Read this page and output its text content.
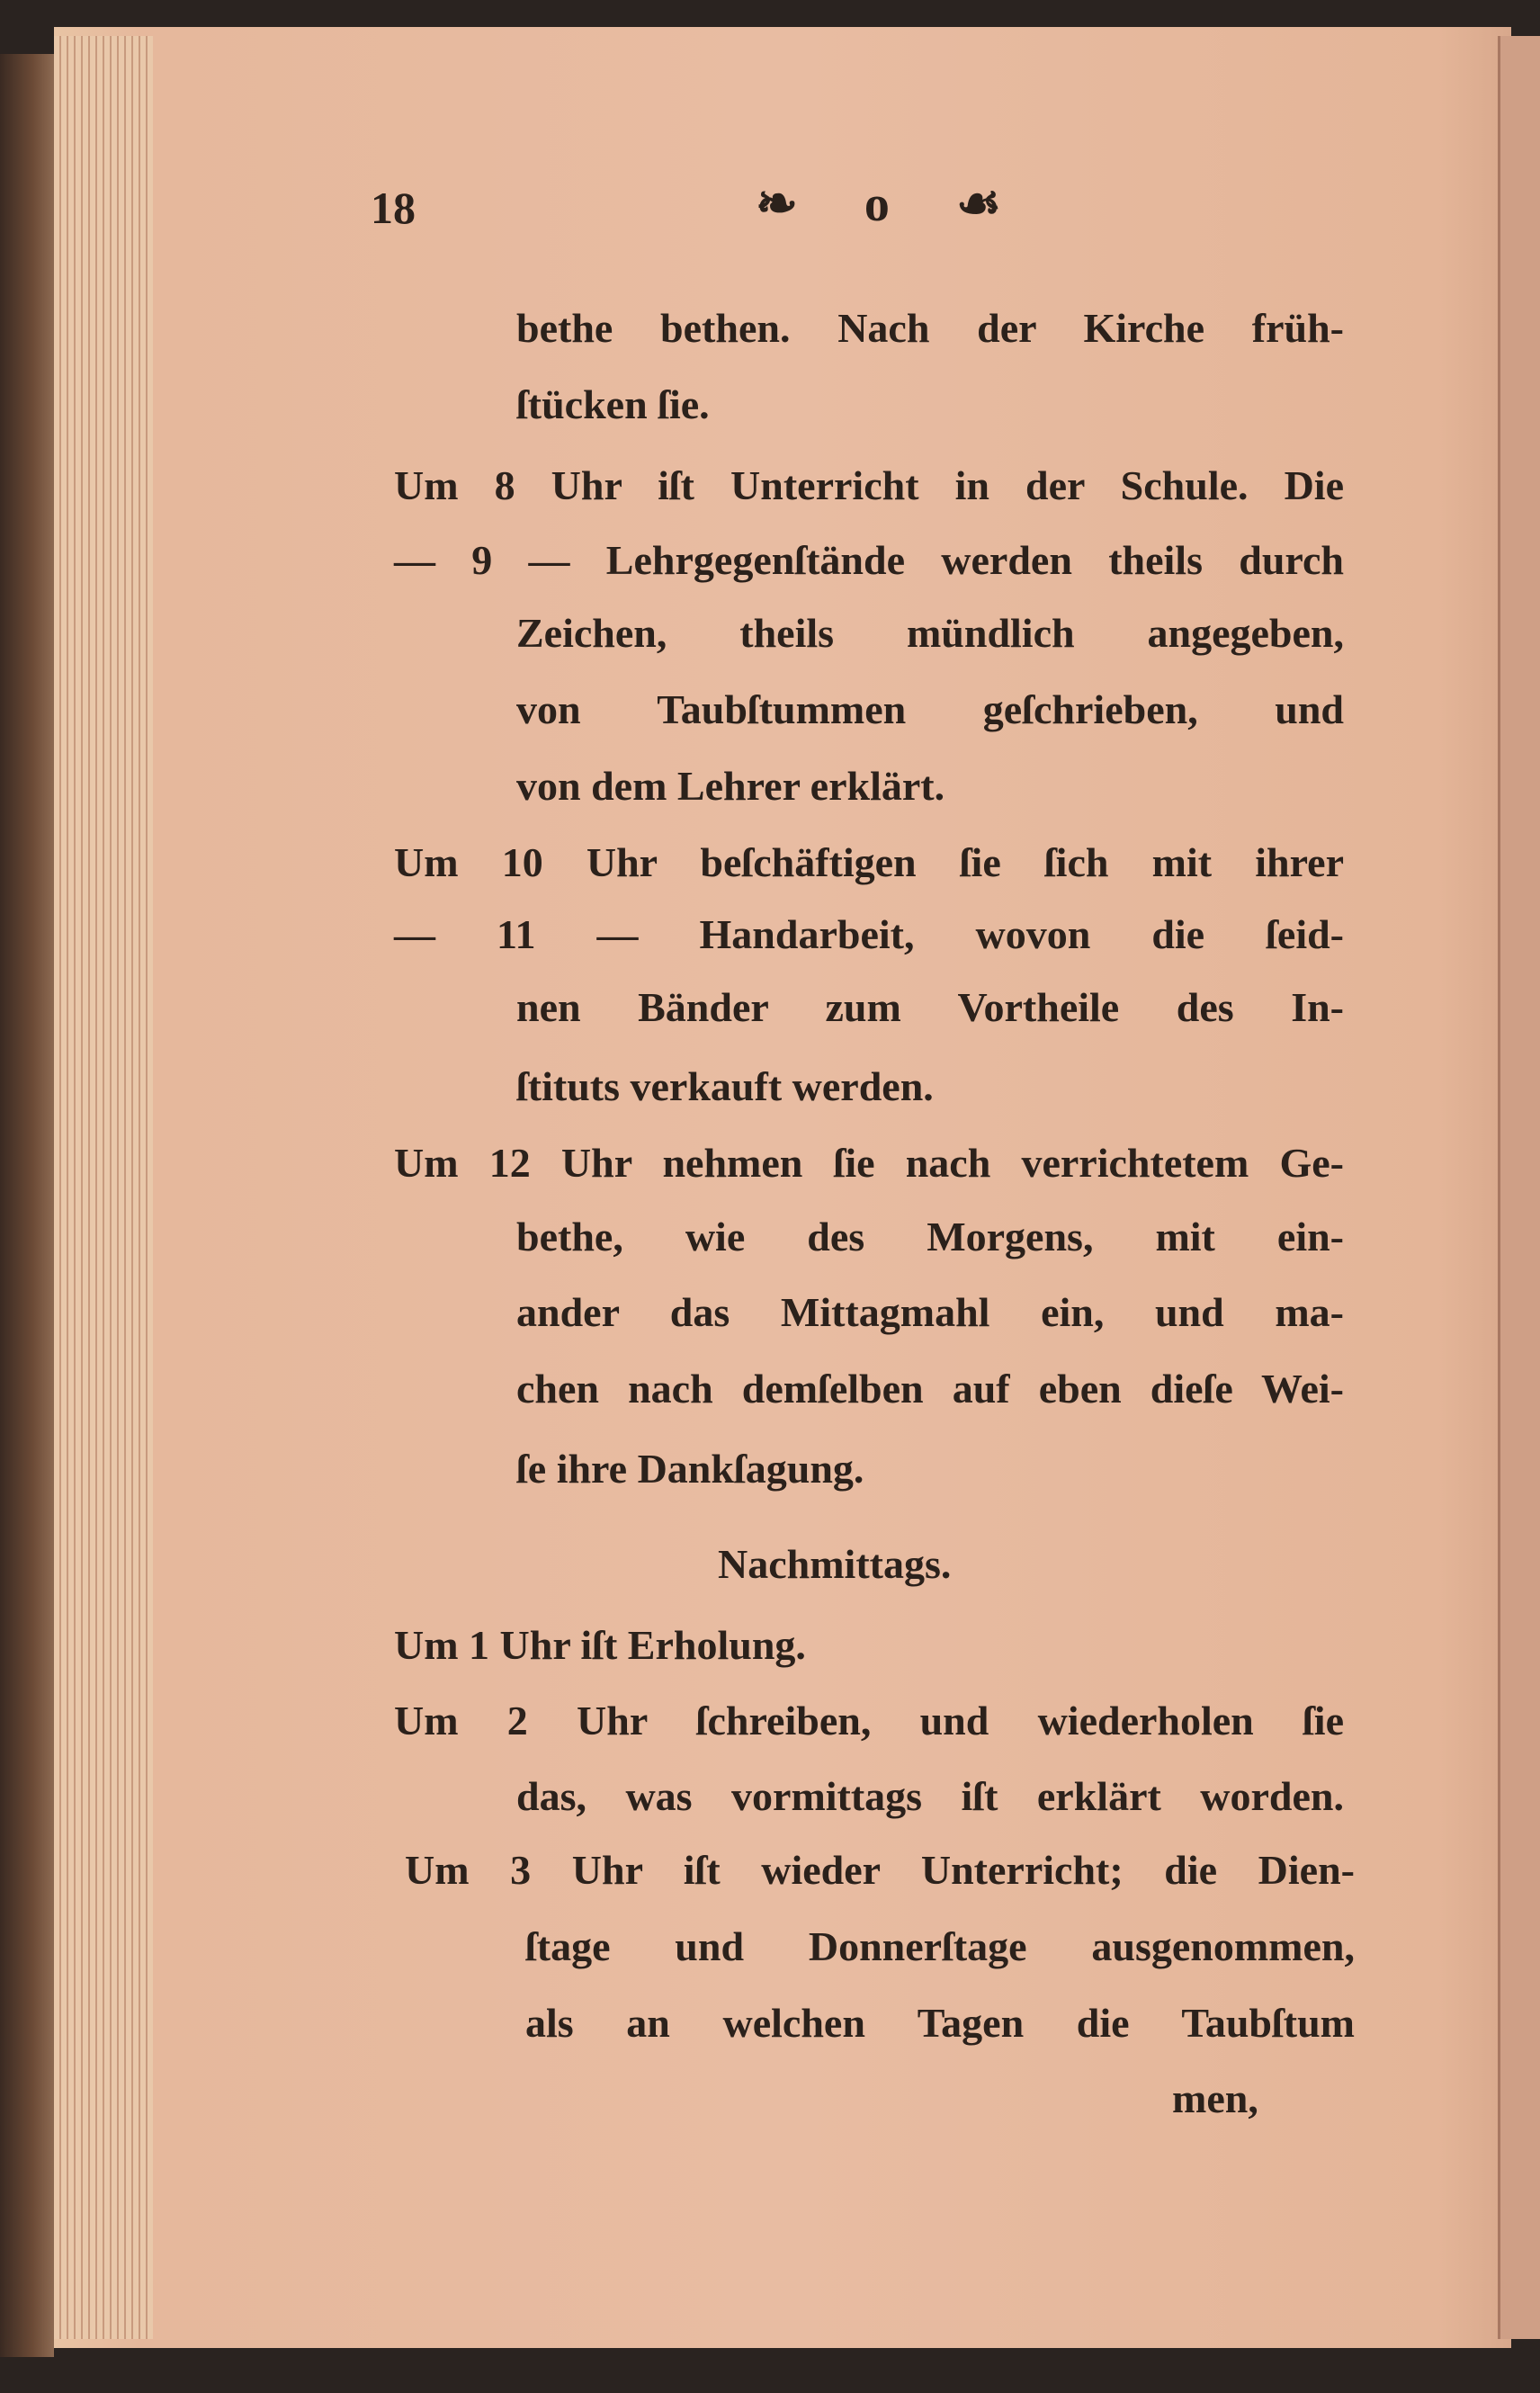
18	❧ o ☙
bethe bethen. Nach der Kirche früh-
ſtücken ſie.
Um 8 Uhr iſt Unterricht in der Schule. Die
— 9 — Lehrgegenſtände werden theils durch
Zeichen, theils mündlich angegeben,
von Taubſtummen geſchrieben, und
von dem Lehrer erklärt.
Um 10 Uhr beſchäftigen ſie ſich mit ihrer
— 11 — Handarbeit, wovon die ſeid-
nen Bänder zum Vortheile des In-
ſtituts verkauft werden.
Um 12 Uhr nehmen ſie nach verrichtetem Ge-
bethe, wie des Morgens, mit ein-
ander das Mittagmahl ein, und ma-
chen nach demſelben auf eben dieſe Wei-
ſe ihre Dankſagung.
Nachmittags.
Um 1 Uhr iſt Erholung.
Um 2 Uhr ſchreiben, und wiederholen ſie
das, was vormittags iſt erklärt worden.
Um 3 Uhr iſt wieder Unterricht; die Dien-
ſtage und Donnerſtage ausgenommen,
als an welchen Tagen die Taubſtum
men,
